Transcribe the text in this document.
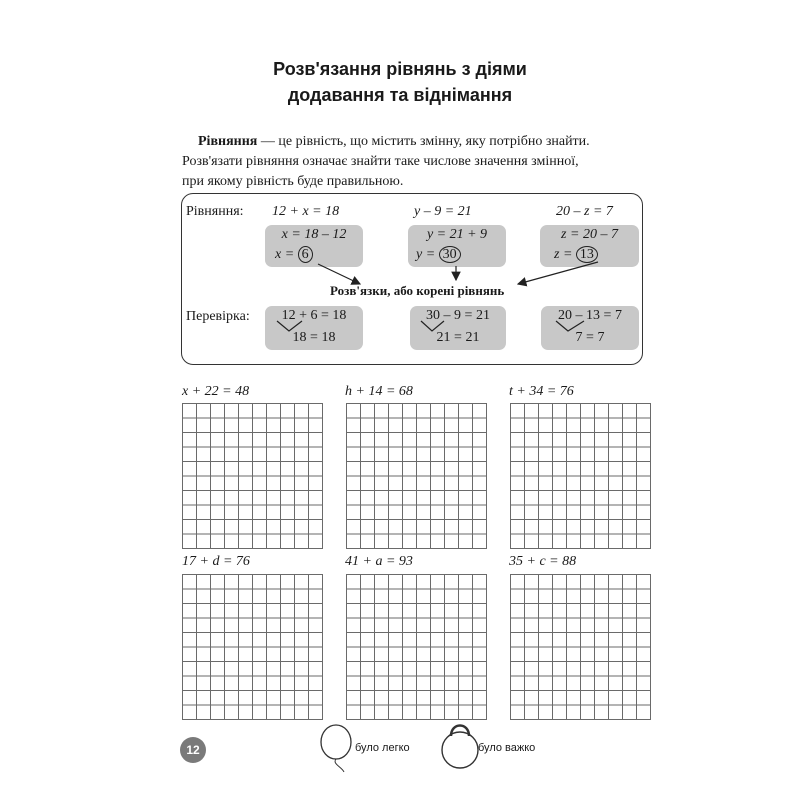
Розв'язання рівнянь з діями
додавання та віднімання
Рівняння — це рівність, що містить змінну, яку потрібно знайти.
Розв'язати рівняння означає знайти таке числове значення змінної,
при якому рівність буде правильною.
Рівняння:
Перевірка:
12 + x = 18
x = 18 – 12
x = 6
12 + 6 = 18
18 = 18
y – 9 = 21
y = 21 + 9
y = 30
30 – 9 = 21
21 = 21
20 – z = 7
z = 20 – 7
z = 13
20 – 13 = 7
7 = 7
Розв'язки, або корені рівнянь
x + 22 = 48	h + 14 = 68	t + 34 = 76
17 + d = 76	41 + a = 93	35 + c = 88
12	було легко	було важко
